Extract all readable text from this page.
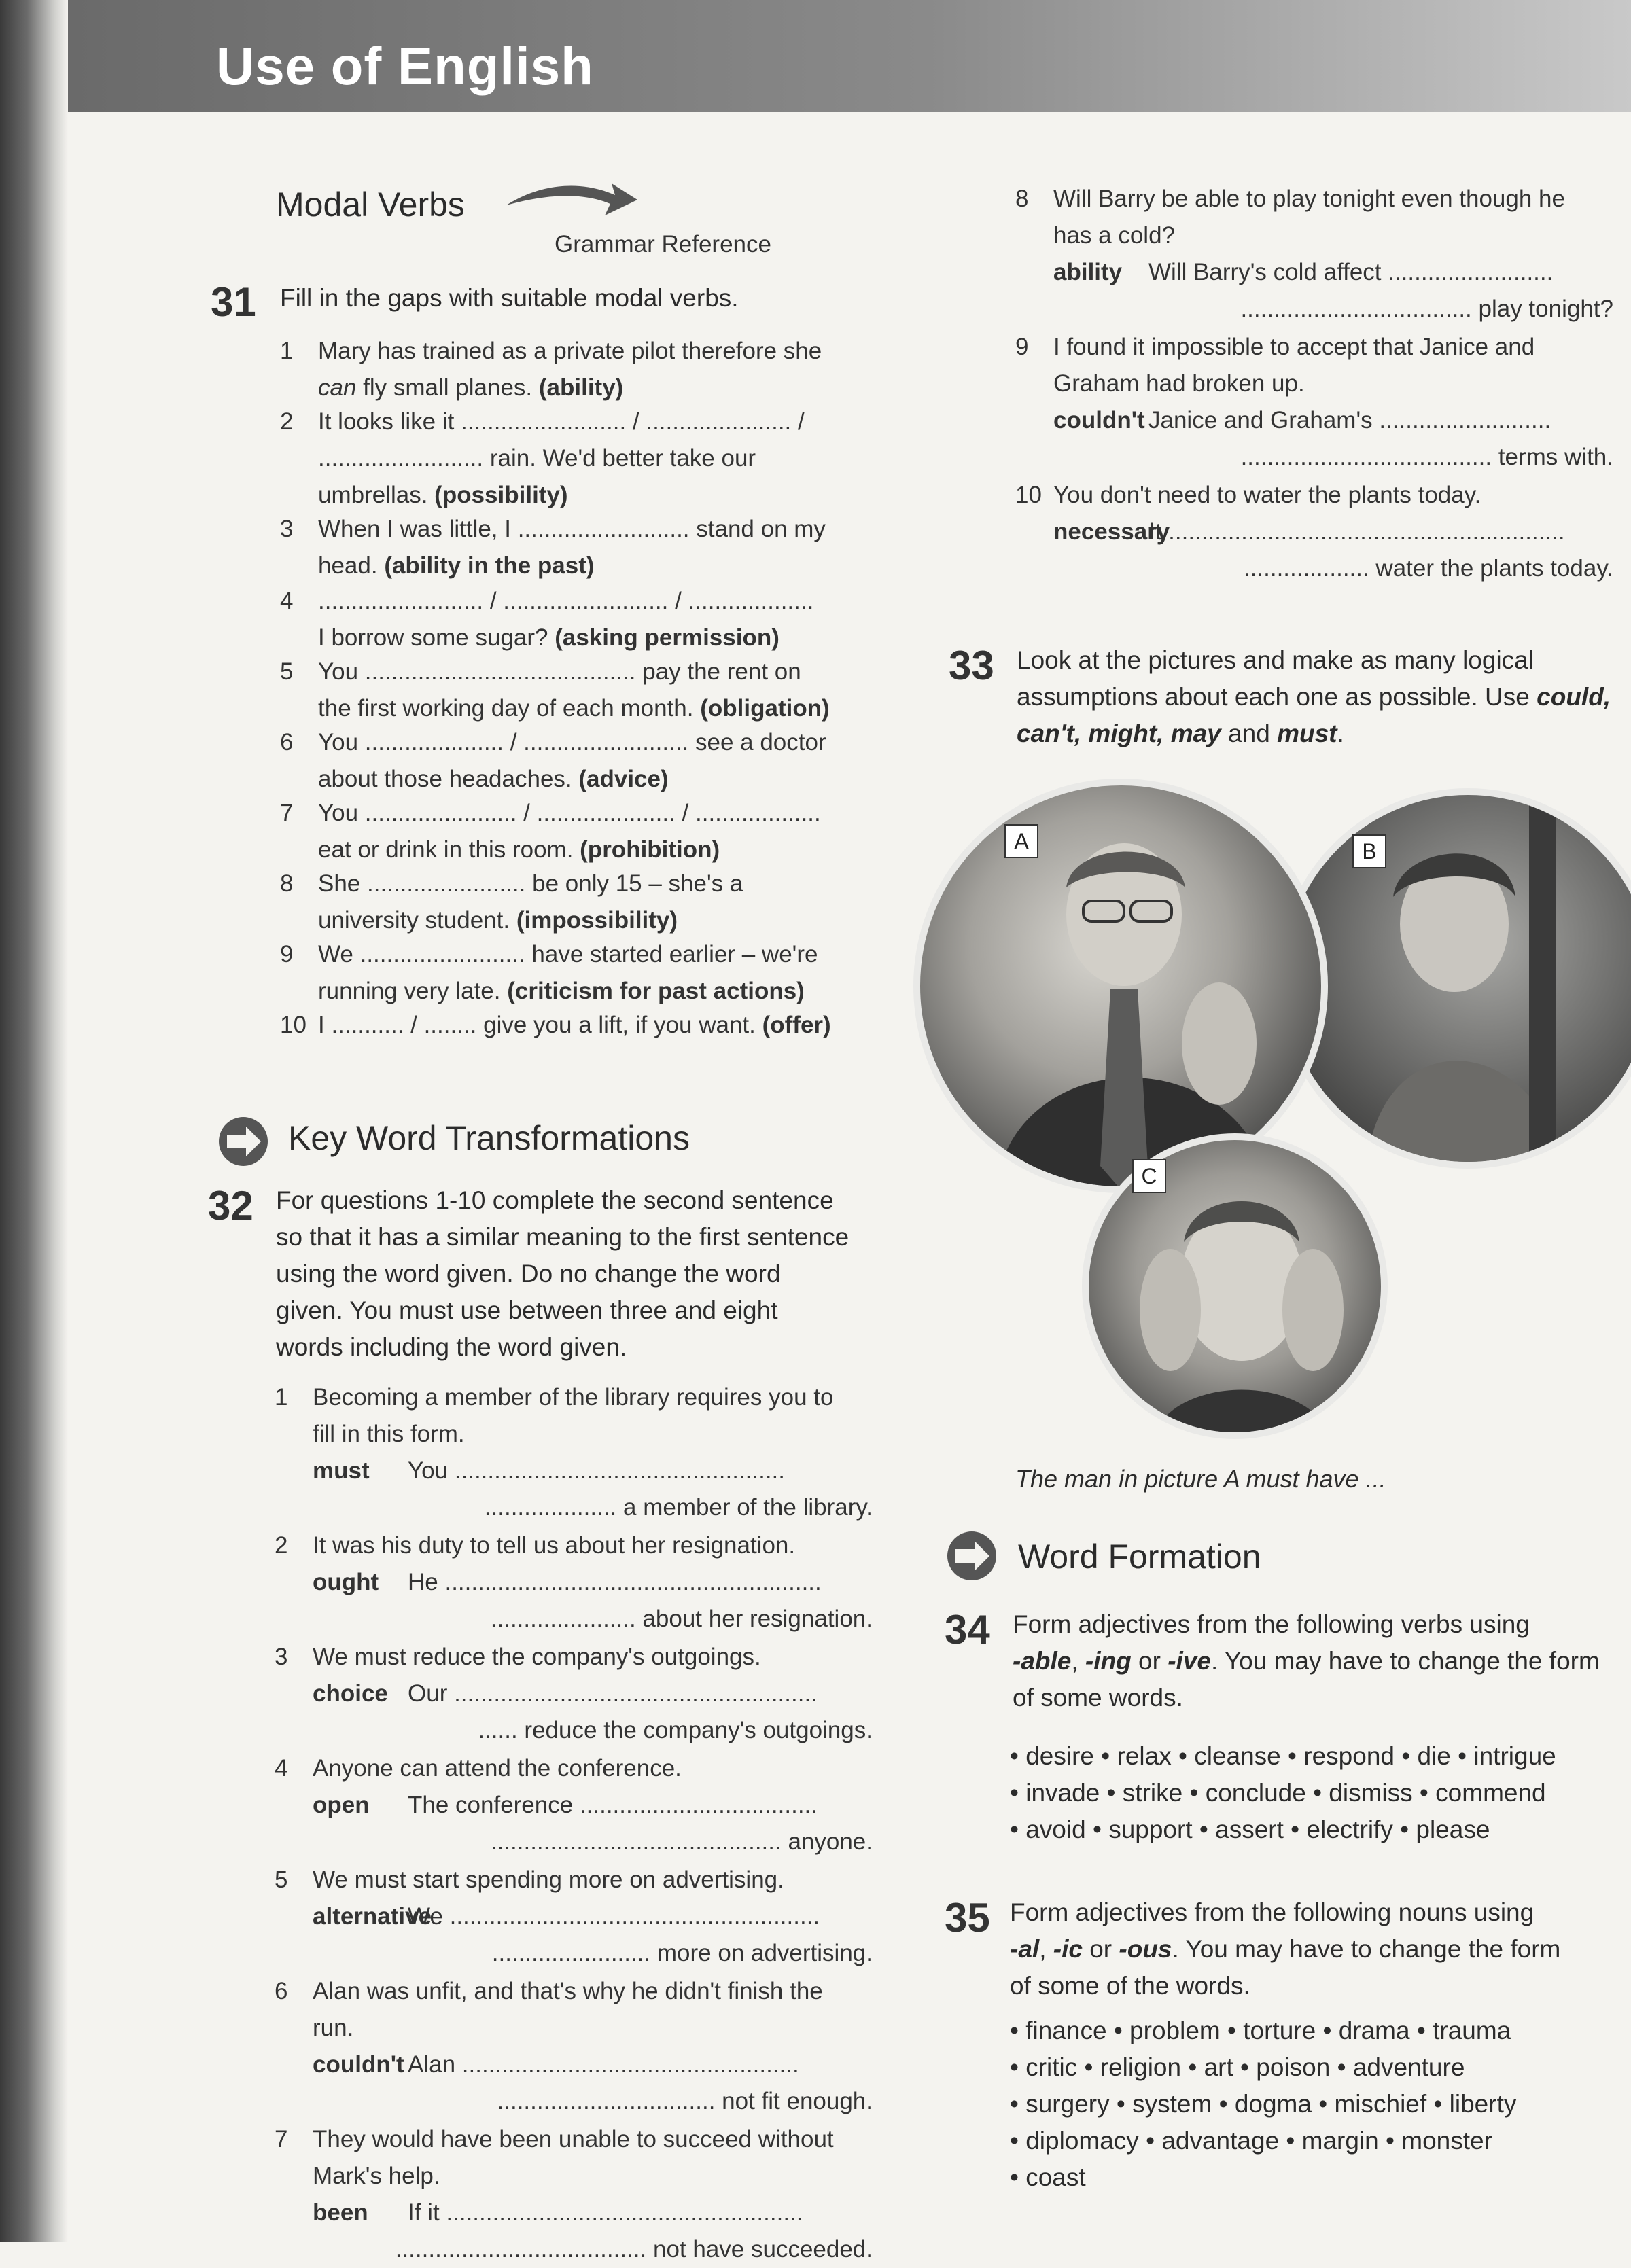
Use of English
Modal Verbs
Grammar Reference
31 Fill in the gaps with suitable modal verbs.
1 Mary has trained as a private pilot therefore she
can fly small planes. (ability)
2 It looks like it ......................... / ...................... /
......................... rain. We'd better take our
umbrellas. (possibility)
3 When I was little, I .......................... stand on my
head. (ability in the past)
4 ......................... / ......................... / ...................
I borrow some sugar? (asking permission)
5 You ......................................... pay the rent on
the first working day of each month. (obligation)
6 You ..................... / ......................... see a doctor
about those headaches. (advice)
7 You ....................... / ..................... / ...................
eat or drink in this room. (prohibition)
8 She ........................ be only 15 – she's a
university student. (impossibility)
9 We ......................... have started earlier – we're
running very late. (criticism for past actions)
10 I ........... / ........ give you a lift, if you want. (offer)
Key Word Transformations
32 For questions 1-10 complete the second sentence
so that it has a similar meaning to the first sentence
using the word given. Do no change the word
given. You must use between three and eight
words including the word given.
1 Becoming a member of the library requires you to
fill in this form.
must You ..................................................
.................... a member of the library.
2 It was his duty to tell us about her resignation.
ought He .........................................................
...................... about her resignation.
3 We must reduce the company's outgoings.
choice Our .......................................................
...... reduce the company's outgoings.
4 Anyone can attend the conference.
open The conference ....................................
............................................ anyone.
5 We must start spending more on advertising.
alternative
We ........................................................
........................ more on advertising.
6 Alan was unfit, and that's why he didn't finish the
run.
couldn't Alan ...................................................
................................. not fit enough.
7 They would have been unable to succeed without
Mark's help.
been If it ......................................................
...................................... not have succeeded.
8 Will Barry be able to play tonight even though he
has a cold?
ability Will Barry's cold affect .........................
................................... play tonight?
9 I found it impossible to accept that Janice and
Graham had broken up.
couldn't Janice and Graham's ..........................
...................................... terms with.
10 You don't need to water the plants today.
necessary
It ............................................................
................... water the plants today.
33 Look at the pictures and make as many logical
assumptions about each one as possible. Use could,
can't, might, may and must.
B
A
C
The man in picture A must have ...
Word Formation
34 Form adjectives from the following verbs using
-able, -ing or -ive. You may have to change the form
of some words.
• desire • relax • cleanse • respond • die • intrigue
• invade • strike • conclude • dismiss • commend
• avoid • support • assert • electrify • please
35 Form adjectives from the following nouns using
-al, -ic or -ous. You may have to change the form
of some of the words.
• finance • problem • torture • drama • trauma
• critic • religion • art • poison • adventure
• surgery • system • dogma • mischief • liberty
• diplomacy • advantage • margin • monster
• coast
